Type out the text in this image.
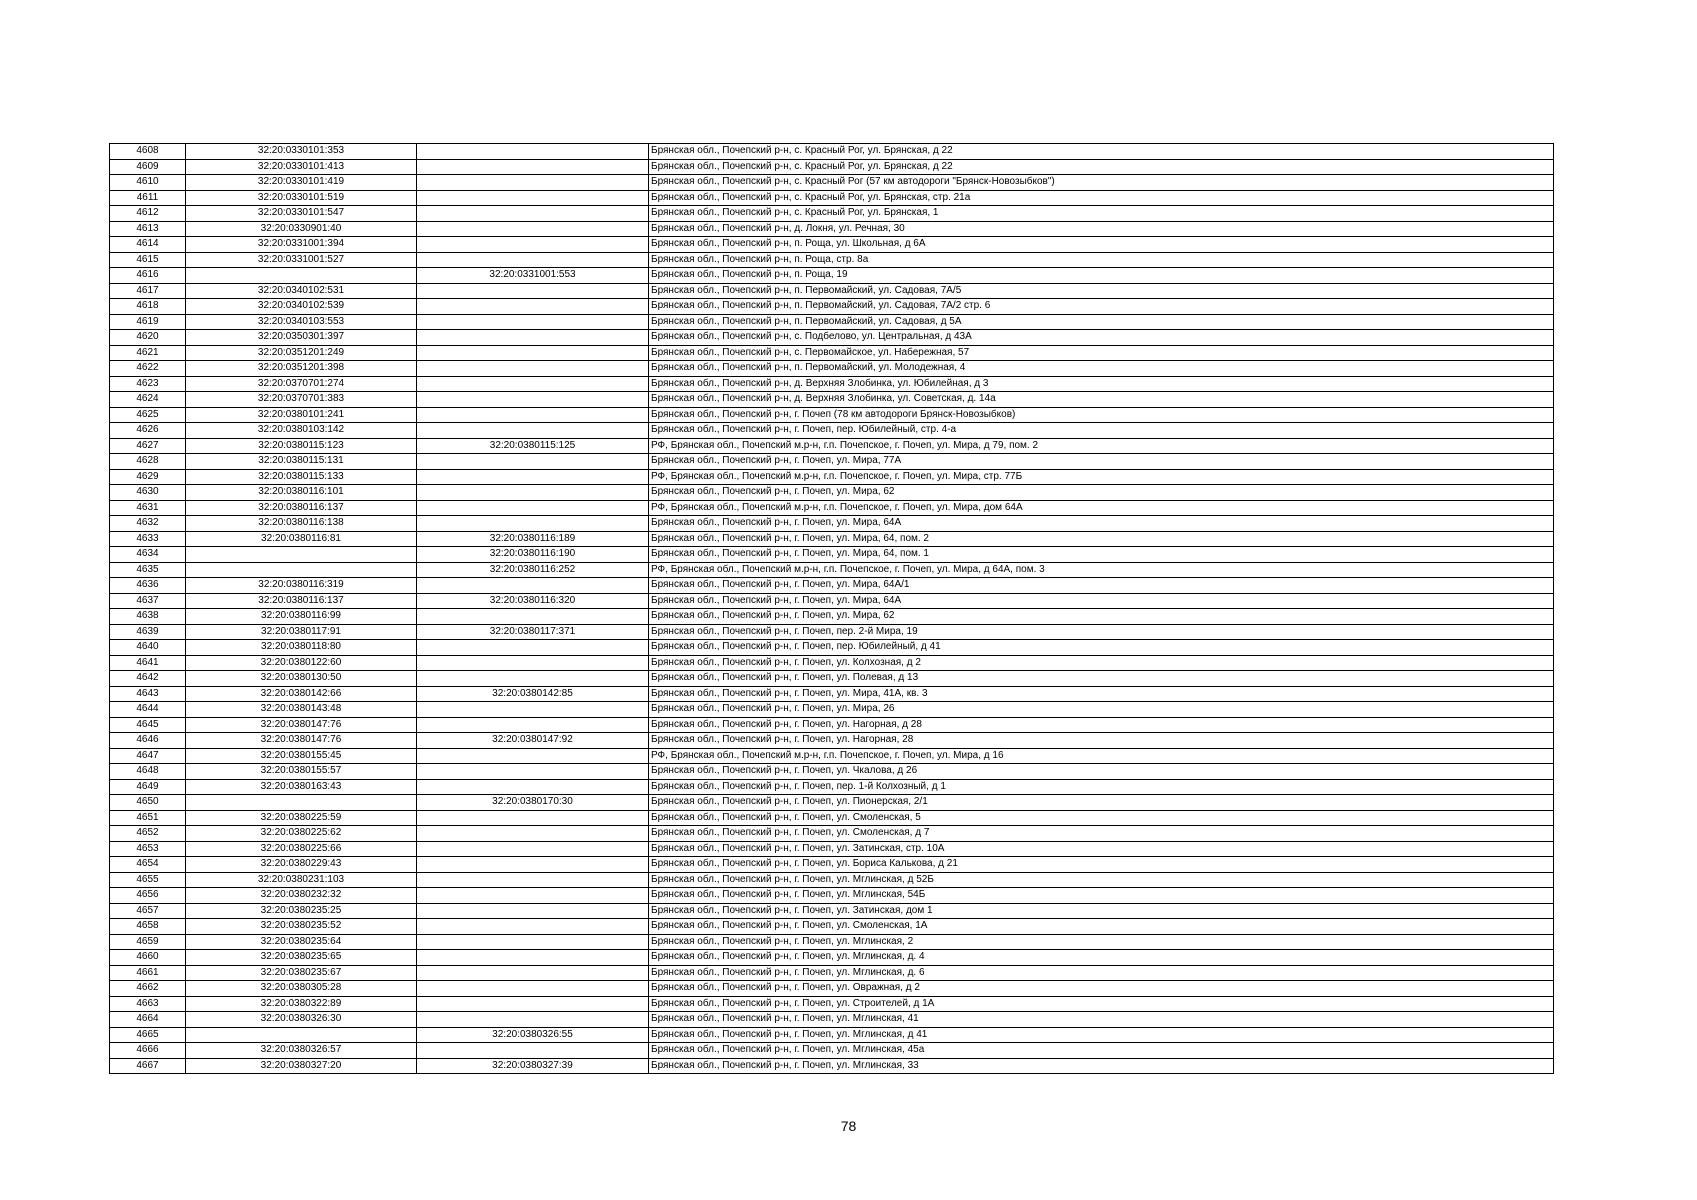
4608	32:20:0330101:353		Брянская обл., Почепский р-н, с. Красный Рог, ул. Брянская, д 22
4609	32:20:0330101:413		Брянская обл., Почепский р-н, с. Красный Рог, ул. Брянская, д 22
4610	32:20:0330101:419		Брянская обл., Почепский р-н, с. Красный Рог (57 км автодороги "Брянск-Новозыбков")
4611	32:20:0330101:519		Брянская обл., Почепский р-н, с. Красный Рог, ул. Брянская, стр. 21а
4612	32:20:0330101:547		Брянская обл., Почепский р-н, с. Красный Рог, ул. Брянская, 1
4613	32:20:0330901:40		Брянская обл., Почепский р-н, д. Локня, ул. Речная, 30
4614	32:20:0331001:394		Брянская обл., Почепский р-н, п. Роща, ул. Школьная, д 6А
4615	32:20:0331001:527		Брянская обл., Почепский р-н, п. Роща, стр. 8а
4616		32:20:0331001:553	Брянская обл., Почепский р-н, п. Роща, 19
4617	32:20:0340102:531		Брянская обл., Почепский р-н, п. Первомайский, ул. Садовая, 7А/5
4618	32:20:0340102:539		Брянская обл., Почепский р-н, п. Первомайский, ул. Садовая, 7А/2 стр. 6
4619	32:20:0340103:553		Брянская обл., Почепский р-н, п. Первомайский, ул. Садовая, д 5А
4620	32:20:0350301:397		Брянская обл., Почепский р-н, с. Подбелово, ул. Центральная, д 43А
4621	32:20:0351201:249		Брянская обл., Почепский р-н, с. Первомайское, ул. Набережная, 57
4622	32:20:0351201:398		Брянская обл., Почепский р-н, п. Первомайский, ул. Молодежная, 4
4623	32:20:0370701:274		Брянская обл., Почепский р-н, д. Верхняя Злобинка, ул. Юбилейная, д 3
4624	32:20:0370701:383		Брянская обл., Почепский р-н, д. Верхняя Злобинка, ул. Советская, д. 14а
4625	32:20:0380101:241		Брянская обл., Почепский р-н, г. Почеп (78 км автодороги Брянск-Новозыбков)
4626	32:20:0380103:142		Брянская обл., Почепский р-н, г. Почеп, пер. Юбилейный, стр. 4-а
4627	32:20:0380115:123	32:20:0380115:125	РФ, Брянская обл., Почепский м.р-н, г.п. Почепское, г. Почеп, ул. Мира, д 79, пом. 2
4628	32:20:0380115:131		Брянская обл., Почепский р-н, г. Почеп, ул. Мира, 77А
4629	32:20:0380115:133		РФ, Брянская обл., Почепский м.р-н, г.п. Почепское, г. Почеп, ул. Мира, стр. 77Б
4630	32:20:0380116:101		Брянская обл., Почепский р-н, г. Почеп, ул. Мира, 62
4631	32:20:0380116:137		РФ, Брянская обл., Почепский м.р-н, г.п. Почепское, г. Почеп, ул. Мира, дом 64А
4632	32:20:0380116:138		Брянская обл., Почепский р-н, г. Почеп, ул. Мира, 64А
4633	32:20:0380116:81	32:20:0380116:189	Брянская обл., Почепский р-н, г. Почеп, ул. Мира, 64, пом. 2
4634		32:20:0380116:190	Брянская обл., Почепский р-н, г. Почеп, ул. Мира, 64, пом. 1
4635		32:20:0380116:252	РФ, Брянская обл., Почепский м.р-н, г.п. Почепское, г. Почеп, ул. Мира, д 64А, пом. 3
4636	32:20:0380116:319		Брянская обл., Почепский р-н, г. Почеп, ул. Мира, 64А/1
4637	32:20:0380116:137	32:20:0380116:320	Брянская обл., Почепский р-н, г. Почеп, ул. Мира, 64А
4638	32:20:0380116:99		Брянская обл., Почепский р-н, г. Почеп, ул. Мира, 62
4639	32:20:0380117:91	32:20:0380117:371	Брянская обл., Почепский р-н, г. Почеп, пер. 2-й Мира, 19
4640	32:20:0380118:80		Брянская обл., Почепский р-н, г. Почеп, пер. Юбилейный, д 41
4641	32:20:0380122:60		Брянская обл., Почепский р-н, г. Почеп, ул. Колхозная, д 2
4642	32:20:0380130:50		Брянская обл., Почепский р-н, г. Почеп, ул. Полевая, д 13
4643	32:20:0380142:66	32:20:0380142:85	Брянская обл., Почепский р-н, г. Почеп, ул. Мира, 41А, кв. 3
4644	32:20:0380143:48		Брянская обл., Почепский р-н, г. Почеп, ул. Мира, 26
4645	32:20:0380147:76		Брянская обл., Почепский р-н, г. Почеп, ул. Нагорная, д 28
4646	32:20:0380147:76	32:20:0380147:92	Брянская обл., Почепский р-н, г. Почеп, ул. Нагорная, 28
4647	32:20:0380155:45		РФ, Брянская обл., Почепский м.р-н, г.п. Почепское, г. Почеп, ул. Мира, д 16
4648	32:20:0380155:57		Брянская обл., Почепский р-н, г. Почеп, ул. Чкалова, д 26
4649	32:20:0380163:43		Брянская обл., Почепский р-н, г. Почеп, пер. 1-й Колхозный, д 1
4650		32:20:0380170:30	Брянская обл., Почепский р-н, г. Почеп, ул. Пионерская, 2/1
4651	32:20:0380225:59		Брянская обл., Почепский р-н, г. Почеп, ул. Смоленская, 5
4652	32:20:0380225:62		Брянская обл., Почепский р-н, г. Почеп, ул. Смоленская, д 7
4653	32:20:0380225:66		Брянская обл., Почепский р-н, г. Почеп, ул. Затинская, стр. 10А
4654	32:20:0380229:43		Брянская обл., Почепский р-н, г. Почеп, ул. Бориса Калькова, д 21
4655	32:20:0380231:103		Брянская обл., Почепский р-н, г. Почеп, ул. Мглинская, д 52Б
4656	32:20:0380232:32		Брянская обл., Почепский р-н, г. Почеп, ул. Мглинская, 54Б
4657	32:20:0380235:25		Брянская обл., Почепский р-н, г. Почеп, ул. Затинская, дом 1
4658	32:20:0380235:52		Брянская обл., Почепский р-н, г. Почеп, ул. Смоленская, 1А
4659	32:20:0380235:64		Брянская обл., Почепский р-н, г. Почеп, ул. Мглинская, 2
4660	32:20:0380235:65		Брянская обл., Почепский р-н, г. Почеп, ул. Мглинская, д. 4
4661	32:20:0380235:67		Брянская обл., Почепский р-н, г. Почеп, ул. Мглинская, д. 6
4662	32:20:0380305:28		Брянская обл., Почепский р-н, г. Почеп, ул. Овражная, д 2
4663	32:20:0380322:89		Брянская обл., Почепский р-н, г. Почеп, ул. Строителей, д 1А
4664	32:20:0380326:30		Брянская обл., Почепский р-н, г. Почеп, ул. Мглинская, 41
4665		32:20:0380326:55	Брянская обл., Почепский р-н, г. Почеп, ул. Мглинская, д 41
4666	32:20:0380326:57		Брянская обл., Почепский р-н, г. Почеп, ул. Мглинская, 45а
4667	32:20:0380327:20	32:20:0380327:39	Брянская обл., Почепский р-н, г. Почеп, ул. Мглинская, 33
78
